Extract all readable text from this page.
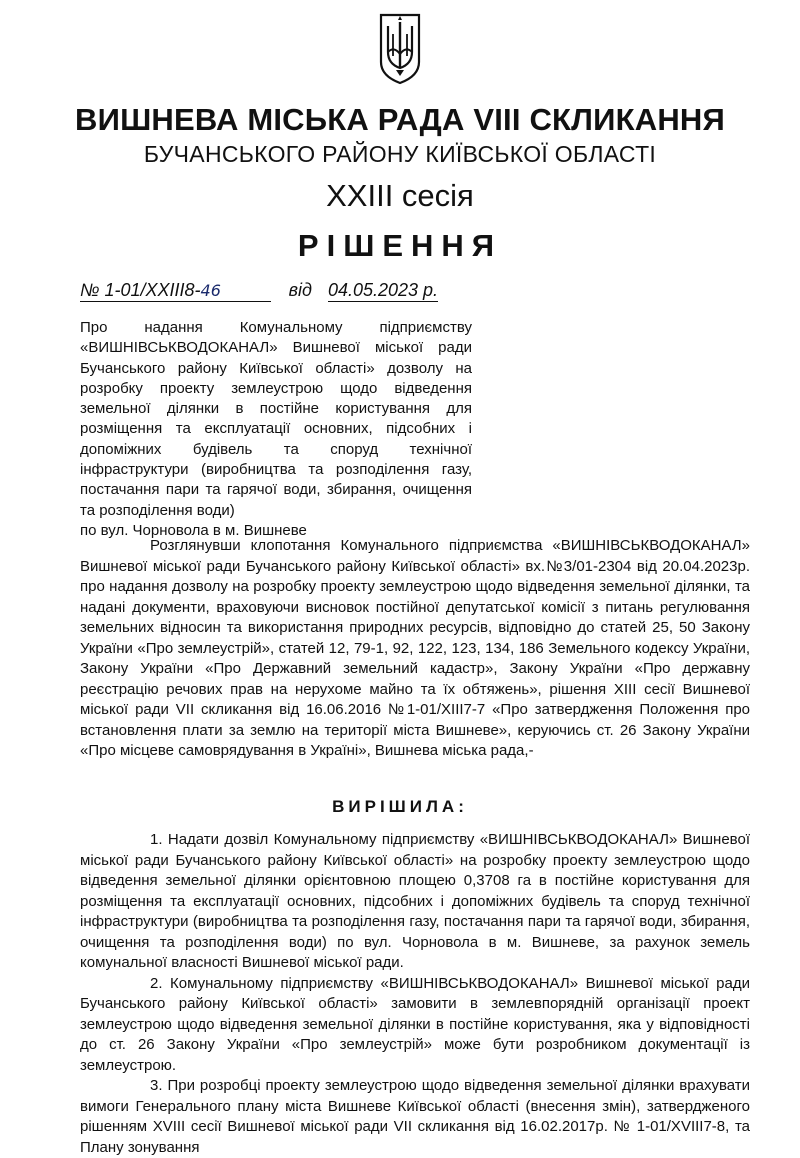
ВИШНЕВА МІСЬКА РАДА VIII СКЛИКАННЯ
БУЧАНСЬКОГО РАЙОНУ КИЇВСЬКОЇ ОБЛАСТІ
XXIII сесія
РІШЕННЯ
№ 1-01/XXIII8-46	від 04.05.2023 р.
Про надання Комунальному підприємству «ВИШНІВСЬКВОДОКАНАЛ» Вишневої міської ради Бучанського району Київської області» дозволу на розробку проекту землеустрою щодо відведення земельної ділянки в постійне користування для розміщення та експлуатації основних, підсобних і допоміжних будівель та споруд технічної інфраструктури (виробництва та розподілення газу, постачання пари та гарячої води, збирання, очищення та розподілення води)
по вул. Чорновола в м. Вишневе
Розглянувши клопотання Комунального підприємства «ВИШНІВСЬКВОДОКАНАЛ» Вишневої міської ради Бучанського району Київської області» вх.№3/01-2304 від 20.04.2023р. про надання дозволу на розробку проекту землеустрою щодо відведення земельної ділянки, та надані документи, враховуючи висновок постійної депутатської комісії з питань регулювання земельних відносин та використання природних ресурсів, відповідно до статей 25, 50 Закону України «Про землеустрій», статей 12, 79-1, 92, 122, 123, 134, 186 Земельного кодексу України, Закону України «Про Державний земельний кадастр», Закону України «Про державну реєстрацію речових прав на нерухоме майно та їх обтяжень», рішення XIII сесії Вишневої міської ради VII скликання від 16.06.2016 №1-01/XIII7-7 «Про затвердження Положення про встановлення плати за землю на території міста Вишневе», керуючись ст. 26 Закону України «Про місцеве самоврядування в Україні», Вишнева міська рада,-
ВИРІШИЛА:

1. Надати дозвіл Комунальному підприємству «ВИШНІВСЬКВОДОКАНАЛ» Вишневої міської ради Бучанського району Київської області» на розробку проекту землеустрою щодо відведення земельної ділянки орієнтовною площею 0,3708 га в постійне користування для розміщення та експлуатації основних, підсобних і допоміжних будівель та споруд технічної інфраструктури (виробництва та розподілення газу, постачання пари та гарячої води, збирання, очищення та розподілення води) по вул. Чорновола в м. Вишневе, за рахунок земель комунальної власності Вишневої міської ради.

2. Комунальному підприємству «ВИШНІВСЬКВОДОКАНАЛ» Вишневої міської ради Бучанського району Київської області» замовити в землевпорядній організації проект землеустрою щодо відведення земельної ділянки в постійне користування, яка у відповідності до ст. 26 Закону України «Про землеустрій» може бути розробником документації із землеустрою.

3. При розробці проекту землеустрою щодо відведення земельної ділянки врахувати вимоги Генерального плану міста Вишневе Київської області (внесення змін), затвердженого рішенням XVIII сесії Вишневої міської ради VII скликання від 16.02.2017р. № 1-01/XVIII7-8, та Плану зонування
